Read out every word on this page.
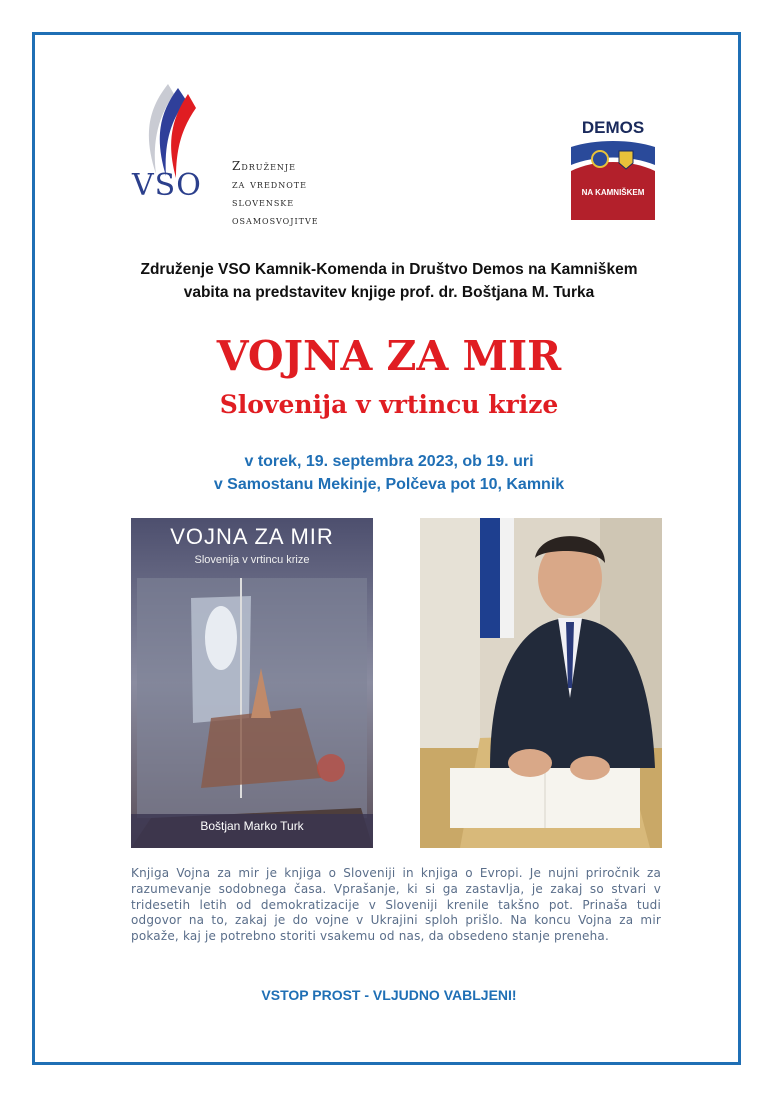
VSO
Združenje
za vrednote
slovenske
osamosvojitve
DEMOS
NA KAMNIŠKEM
Združenje VSO Kamnik-Komenda in Društvo Demos na Kamniškem
vabita na predstavitev knjige prof. dr. Boštjana M. Turka
VOJNA ZA MIR
Slovenija v vrtincu krize
v torek, 19. septembra 2023, ob 19. uri
v Samostanu Mekinje, Polčeva pot 10, Kamnik
VOJNA ZA MIR
Slovenija v vrtincu krize
Boštjan Marko Turk
Knjiga Vojna za mir je knjiga o Sloveniji in knjiga o Evropi. Je nujni priročnik za razumevanje sodobnega časa. Vprašanje, ki si ga zastavlja, je zakaj so stvari v tridesetih letih od demokratizacije v Sloveniji krenile takšno pot. Prinaša tudi odgovor na to, zakaj je do vojne v Ukrajini sploh prišlo. Na koncu Vojna za mir pokaže, kaj je potrebno storiti vsakemu od nas, da obsedeno stanje preneha.
VSTOP PROST - VLJUDNO VABLJENI!
